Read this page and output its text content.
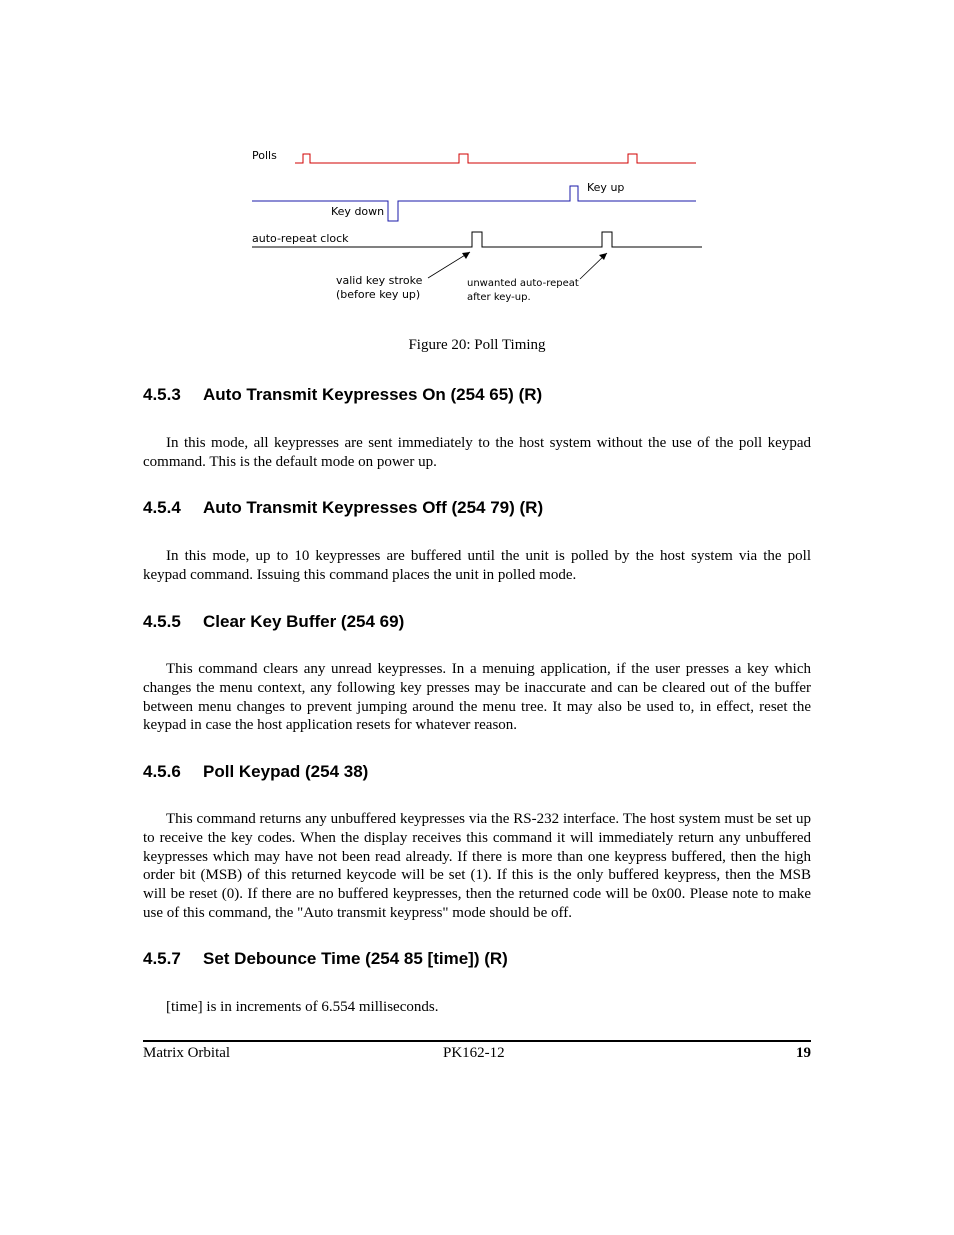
Polls
Key up
Key down
auto-repeat clock
valid key stroke
(before key up)
unwanted auto-repeat
after key-up.
Figure 20: Poll Timing
4.5.3 Auto Transmit Keypresses On (254 65) (R)

In this mode, all keypresses are sent immediately to the host system without the use of the poll keypad command. This is the default mode on power up.

4.5.4 Auto Transmit Keypresses Off (254 79) (R)

In this mode, up to 10 keypresses are buffered until the unit is polled by the host system via the poll keypad command. Issuing this command places the unit in polled mode.

4.5.5 Clear Key Buffer (254 69)

This command clears any unread keypresses. In a menuing application, if the user presses a key which changes the menu context, any following key presses may be inaccurate and can be cleared out of the buffer between menu changes to prevent jumping around the menu tree. It may also be used to, in effect, reset the keypad in case the host application resets for whatever reason.

4.5.6 Poll Keypad (254 38)

This command returns any unbuffered keypresses via the RS-232 interface. The host system must be set up to receive the key codes. When the display receives this command it will immediately return any unbuffered keypresses which may have not been read already. If there is more than one keypress buffered, then the high order bit (MSB) of this returned keycode will be set (1). If this is the only buffered keypress, then the MSB will be reset (0). If there are no buffered keypresses, then the returned code will be 0x00. Please note to make use of this command, the "Auto transmit keypress" mode should be off.

4.5.7 Set Debounce Time (254 85 [time]) (R)

[time] is in increments of 6.554 milliseconds.

Matrix Orbital	PK162-12	19
